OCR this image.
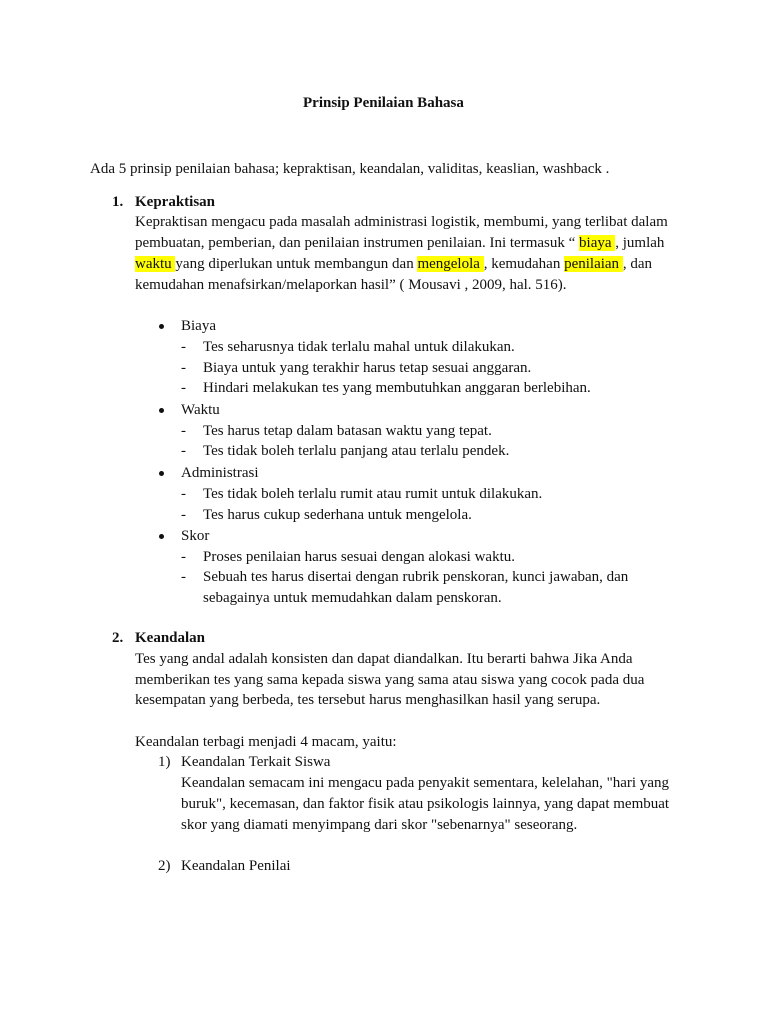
Prinsip Penilaian Bahasa
Ada 5 prinsip penilaian bahasa; kepraktisan, keandalan, validitas, keaslian, washback .
1. Kepraktisan
Kepraktisan mengacu pada masalah administrasi logistik, membumi, yang terlibat dalam
pembuatan, pemberian, dan penilaian instrumen penilaian. Ini termasuk “ biaya , jumlah
waktu yang diperlukan untuk membangun dan mengelola , kemudahan penilaian , dan
kemudahan menafsirkan/melaporkan hasil” ( Mousavi , 2009, hal. 516).
Biaya
- Tes seharusnya tidak terlalu mahal untuk dilakukan.
- Biaya untuk yang terakhir harus tetap sesuai anggaran.
- Hindari melakukan tes yang membutuhkan anggaran berlebihan.
Waktu
- Tes harus tetap dalam batasan waktu yang tepat.
- Tes tidak boleh terlalu panjang atau terlalu pendek.
Administrasi
- Tes tidak boleh terlalu rumit atau rumit untuk dilakukan.
- Tes harus cukup sederhana untuk mengelola.
Skor
- Proses penilaian harus sesuai dengan alokasi waktu.
- Sebuah tes harus disertai dengan rubrik penskoran, kunci jawaban, dan
sebagainya untuk memudahkan dalam penskoran.
2. Keandalan
Tes yang andal adalah konsisten dan dapat diandalkan. Itu berarti bahwa Jika Anda
memberikan tes yang sama kepada siswa yang sama atau siswa yang cocok pada dua
kesempatan yang berbeda, tes tersebut harus menghasilkan hasil yang serupa.
Keandalan terbagi menjadi 4 macam, yaitu:
1) Keandalan Terkait Siswa
Keandalan semacam ini mengacu pada penyakit sementara, kelelahan, "hari yang
buruk", kecemasan, dan faktor fisik atau psikologis lainnya, yang dapat membuat
skor yang diamati menyimpang dari skor "sebenarnya" seseorang.
2) Keandalan Penilai
